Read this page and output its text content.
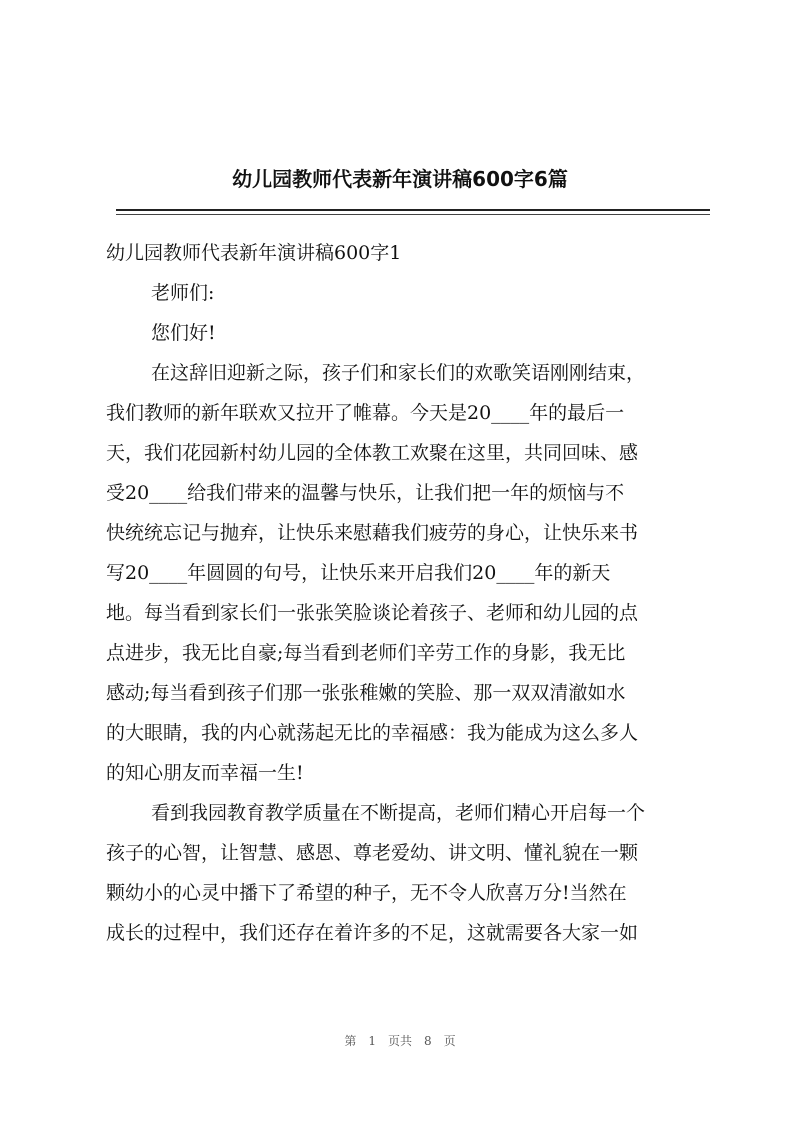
幼儿园教师代表新年演讲稿600字6篇
幼儿园教师代表新年演讲稿600字1
老师们:
您们好!
在这辞旧迎新之际，孩子们和家长们的欢歌笑语刚刚结束，
我们教师的新年联欢又拉开了帷幕。今天是20____年的最后一
天，我们花园新村幼儿园的全体教工欢聚在这里，共同回味、感
受20____给我们带来的温馨与快乐，让我们把一年的烦恼与不
快统统忘记与抛弃，让快乐来慰藉我们疲劳的身心，让快乐来书
写20____年圆圆的句号，让快乐来开启我们20____年的新天
地。每当看到家长们一张张笑脸谈论着孩子、老师和幼儿园的点
点进步，我无比自豪;每当看到老师们辛劳工作的身影，我无比
感动;每当看到孩子们那一张张稚嫩的笑脸、那一双双清澈如水
的大眼睛，我的内心就荡起无比的幸福感：我为能成为这么多人
的知心朋友而幸福一生!
看到我园教育教学质量在不断提高，老师们精心开启每一个
孩子的心智，让智慧、感恩、尊老爱幼、讲文明、懂礼貌在一颗
颗幼小的心灵中播下了希望的种子，无不令人欣喜万分!当然在
成长的过程中，我们还存在着许多的不足，这就需要各大家一如
第 1 页共 8 页
